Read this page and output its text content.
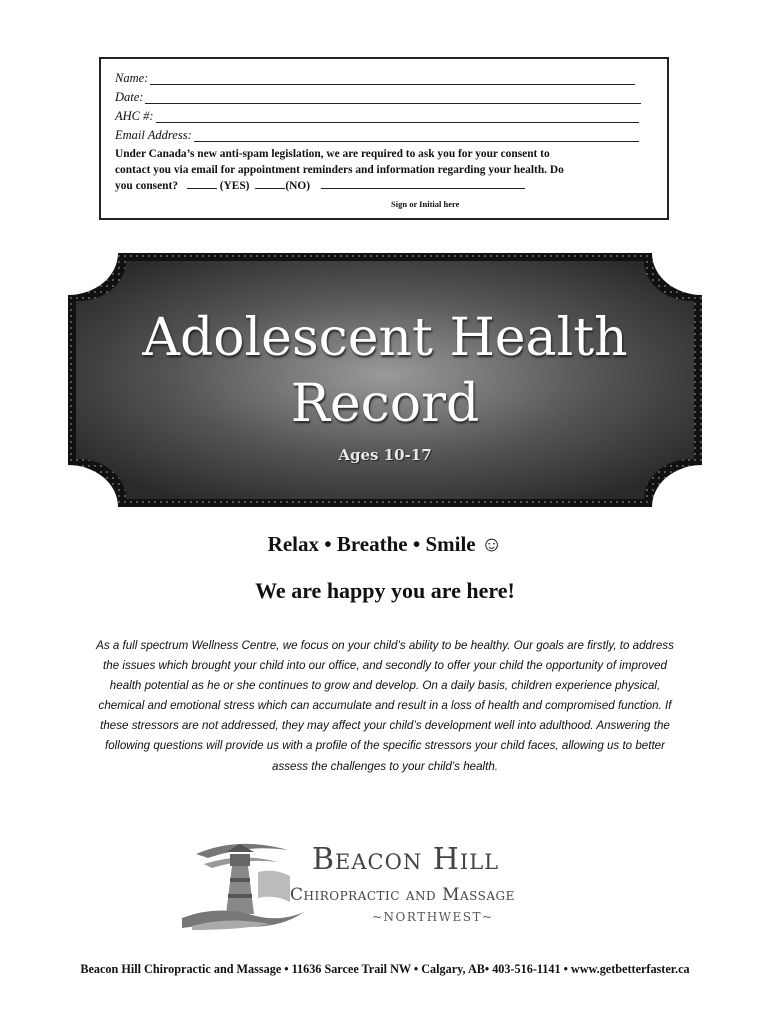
Name:
Date:
AHC #:
Email Address:
Under Canada’s new anti-spam legislation, we are required to ask you for your consent to
contact you via email for appointment reminders and information regarding your health. Do
you consent?	(YES)	(NO)
Sign or Initial here
Adolescent Health
Record
Ages 10-17
Relax • Breathe • Smile ☺
We are happy you are here!
As a full spectrum Wellness Centre, we focus on your child’s ability to be healthy. Our goals are firstly, to address the issues which brought your child into our office, and secondly to offer your child the opportunity of improved health potential as he or she continues to grow and develop. On a daily basis, children experience physical, chemical and emotional stress which can accumulate and result in a loss of health and compromised function. If these stressors are not addressed, they may affect your child’s development well into adulthood. Answering the following questions will provide us with a profile of the specific stressors your child faces, allowing us to better assess the challenges to your child’s health.
Beacon Hill
Chiropractic and Massage
~NORTHWEST~
Beacon Hill Chiropractic and Massage • 11636 Sarcee Trail NW • Calgary, AB• 403-516-1141 • www.getbetterfaster.ca
